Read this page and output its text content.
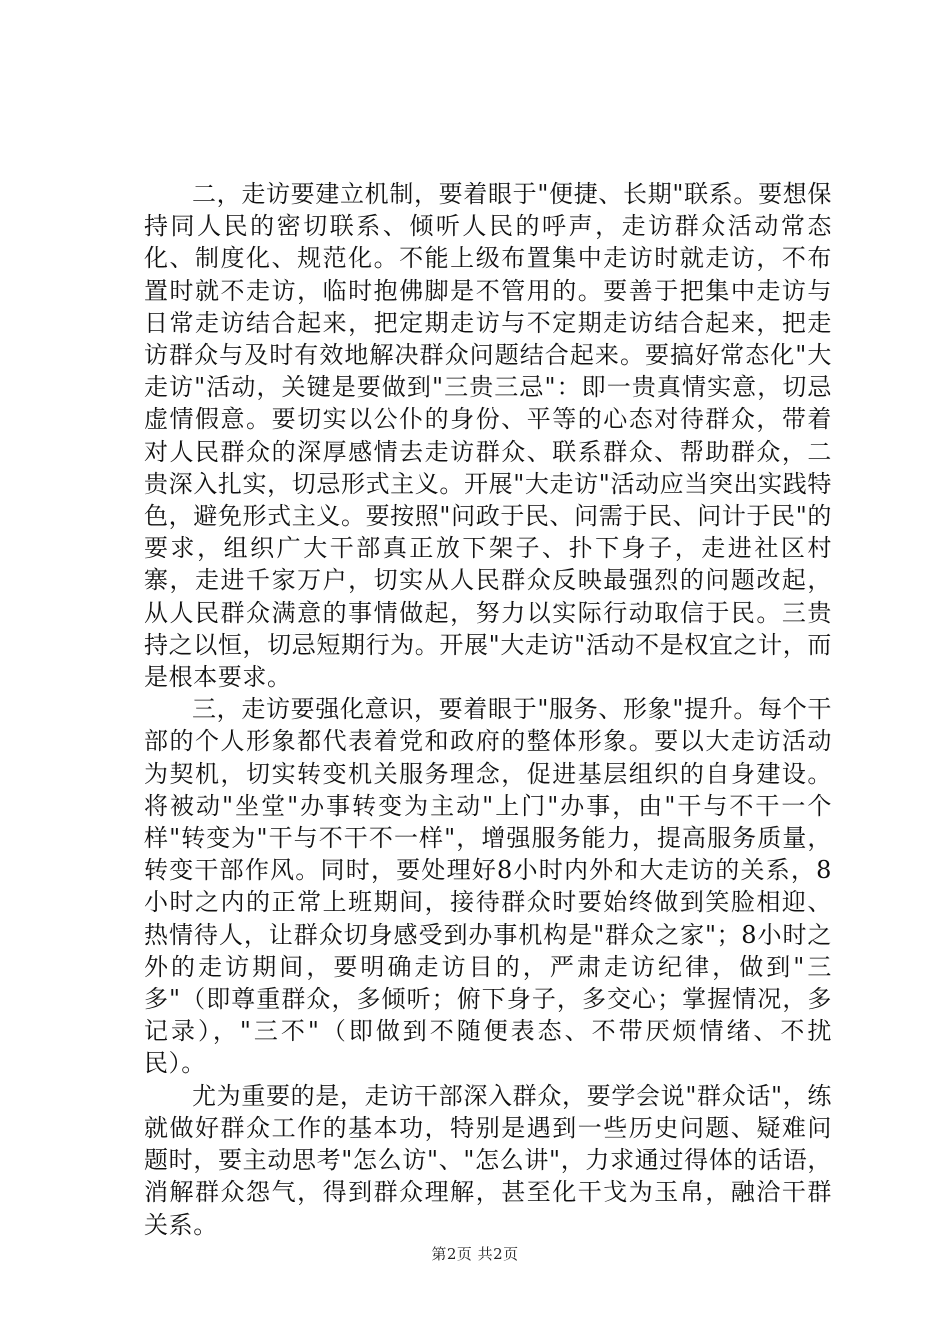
二，走访要建立机制，要着眼于"便捷、长期"联系。要想保持同人民的密切联系、倾听人民的呼声，走访群众活动常态化、制度化、规范化。不能上级布置集中走访时就走访，不布置时就不走访，临时抱佛脚是不管用的。要善于把集中走访与日常走访结合起来，把定期走访与不定期走访结合起来，把走访群众与及时有效地解决群众问题结合起来。要搞好常态化"大走访"活动，关键是要做到"三贵三忌"：即一贵真情实意，切忌虚情假意。要切实以公仆的身份、平等的心态对待群众，带着对人民群众的深厚感情去走访群众、联系群众、帮助群众，二贵深入扎实，切忌形式主义。开展"大走访"活动应当突出实践特色，避免形式主义。要按照"问政于民、问需于民、问计于民"的要求，组织广大干部真正放下架子、扑下身子，走进社区村寨，走进千家万户，切实从人民群众反映最强烈的问题改起，从人民群众满意的事情做起，努力以实际行动取信于民。三贵持之以恒，切忌短期行为。开展"大走访"活动不是权宜之计，而是根本要求。

三，走访要强化意识，要着眼于"服务、形象"提升。每个干部的个人形象都代表着党和政府的整体形象。要以大走访活动为契机，切实转变机关服务理念，促进基层组织的自身建设。将被动"坐堂"办事转变为主动"上门"办事，由"干与不干一个样"转变为"干与不干不一样"，增强服务能力，提高服务质量，转变干部作风。同时，要处理好8小时内外和大走访的关系，8小时之内的正常上班期间，接待群众时要始终做到笑脸相迎、热情待人，让群众切身感受到办事机构是"群众之家"；8小时之外的走访期间，要明确走访目的，严肃走访纪律，做到"三多"（即尊重群众，多倾听；俯下身子，多交心；掌握情况，多记录），"三不"（即做到不随便表态、不带厌烦情绪、不扰民）。

尤为重要的是，走访干部深入群众，要学会说"群众话"，练就做好群众工作的基本功，特别是遇到一些历史问题、疑难问题时，要主动思考"怎么访"、"怎么讲"，力求通过得体的话语，消解群众怨气，得到群众理解，甚至化干戈为玉帛，融洽干群关系。

第2页 共2页
